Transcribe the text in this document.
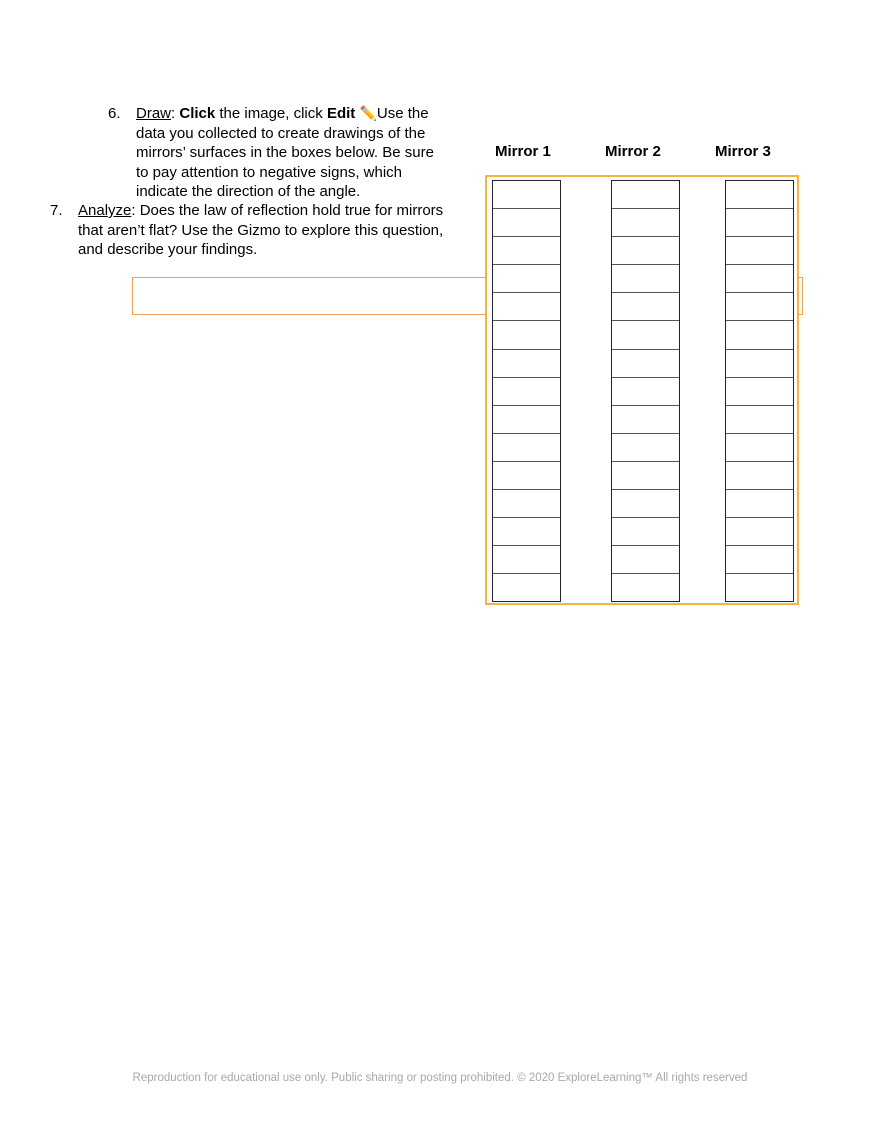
6. Draw: Click the image, click Edit ✏️Use the
data you collected to create drawings of the
mirrors’ surfaces in the boxes below. Be sure
to pay attention to negative signs, which
indicate the direction of the angle.
7. Analyze: Does the law of reflection hold true for mirrors
that aren’t flat? Use the Gizmo to explore this question,
and describe your findings.
Mirror 1	Mirror 2	Mirror 3
Reproduction for educational use only. Public sharing or posting prohibited. © 2020 ExploreLearning™ All rights reserved
